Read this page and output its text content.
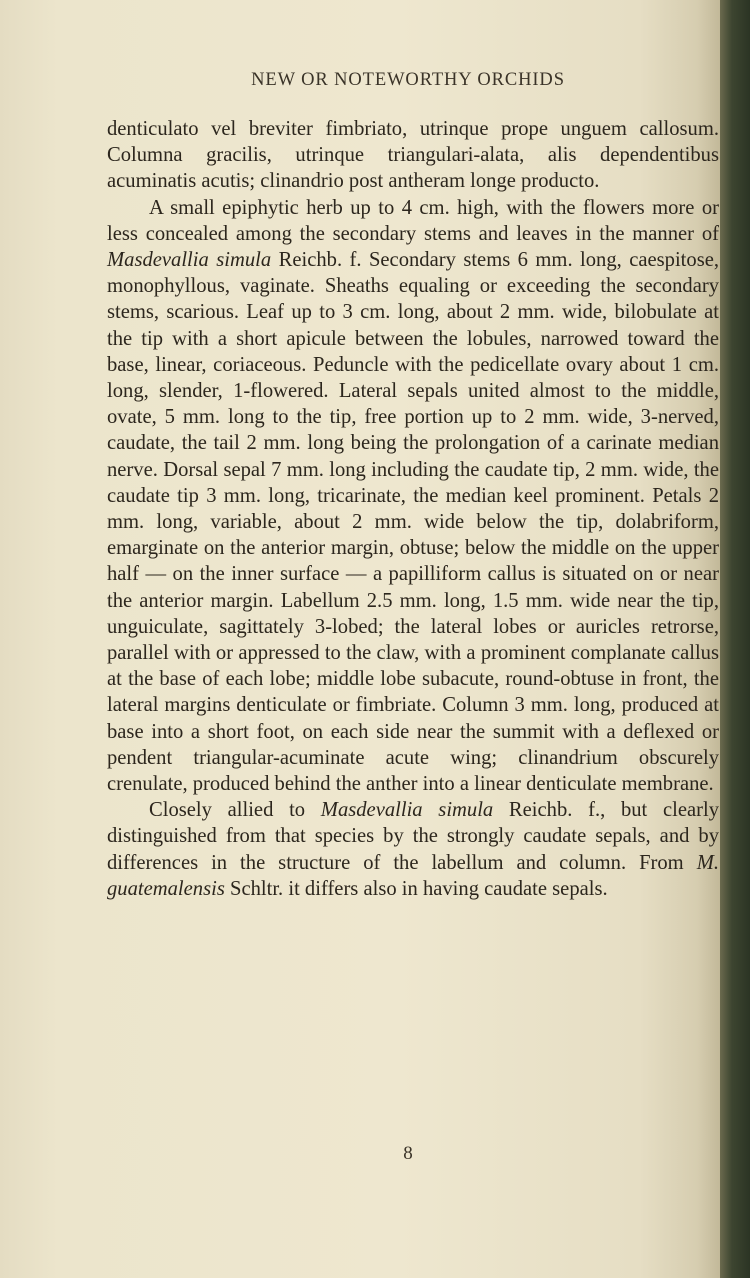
NEW OR NOTEWORTHY ORCHIDS

denticulato vel breviter fimbriato, utrinque prope unguem callosum. Columna gracilis, utrinque triangulari-alata, alis dependentibus acuminatis acutis; clinandrio post antheram longe producto.

A small epiphytic herb up to 4 cm. high, with the flowers more or less concealed among the secondary stems and leaves in the manner of Masdevallia simula Reichb. f. Secondary stems 6 mm. long, caespitose, monophyllous, vaginate. Sheaths equaling or exceeding the secondary stems, scarious. Leaf up to 3 cm. long, about 2 mm. wide, bilobulate at the tip with a short apicule between the lobules, narrowed toward the base, linear, coriaceous. Peduncle with the pedicellate ovary about 1 cm. long, slender, 1-flowered. Lateral sepals united almost to the middle, ovate, 5 mm. long to the tip, free portion up to 2 mm. wide, 3-nerved, caudate, the tail 2 mm. long being the prolongation of a carinate median nerve. Dorsal sepal 7 mm. long including the caudate tip, 2 mm. wide, the caudate tip 3 mm. long, tricarinate, the median keel prominent. Petals 2 mm. long, variable, about 2 mm. wide below the tip, dolabriform, emarginate on the anterior margin, obtuse; below the middle on the upper half — on the inner surface — a papilliform callus is situated on or near the anterior margin. Labellum 2.5 mm. long, 1.5 mm. wide near the tip, unguiculate, sagittately 3-lobed; the lateral lobes or auricles retrorse, parallel with or appressed to the claw, with a prominent complanate callus at the base of each lobe; middle lobe subacute, round-obtuse in front, the lateral margins denticulate or fimbriate. Column 3 mm. long, produced at base into a short foot, on each side near the summit with a deflexed or pendent triangular-acuminate acute wing; clinandrium obscurely crenulate, produced behind the anther into a linear denticulate membrane.

Closely allied to Masdevallia simula Reichb. f., but clearly distinguished from that species by the strongly caudate sepals, and by differences in the structure of the labellum and column. From M. guatemalensis Schltr. it differs also in having caudate sepals.

8
